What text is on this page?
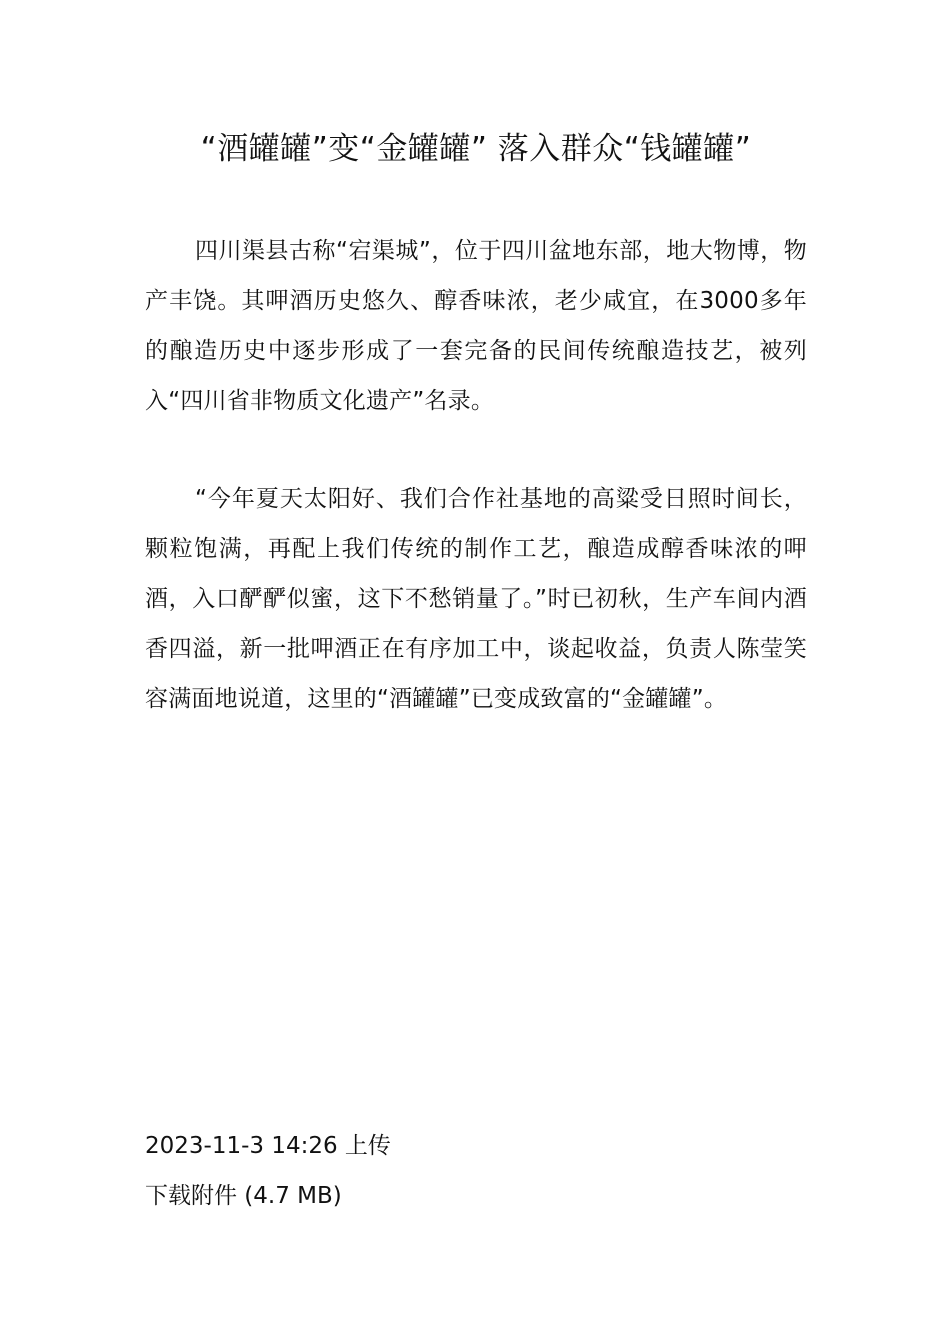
“酒罐罐”变“金罐罐” 落入群众“钱罐罐”

四川渠县古称“宕渠城”，位于四川盆地东部，地大物博，物产丰饶。其呷酒历史悠久、醇香味浓，老少咸宜，在3000多年的酿造历史中逐步形成了一套完备的民间传统酿造技艺，被列入“四川省非物质文化遗产”名录。

“今年夏天太阳好、我们合作社基地的高粱受日照时间长，颗粒饱满，再配上我们传统的制作工艺，酿造成醇香味浓的呷酒，入口酽酽似蜜，这下不愁销量了。”时已初秋，生产车间内酒香四溢，新一批呷酒正在有序加工中，谈起收益，负责人陈莹笑容满面地说道，这里的“酒罐罐”已变成致富的“金罐罐”。

2023-11-3 14:26 上传
下载附件 (4.7 MB)
